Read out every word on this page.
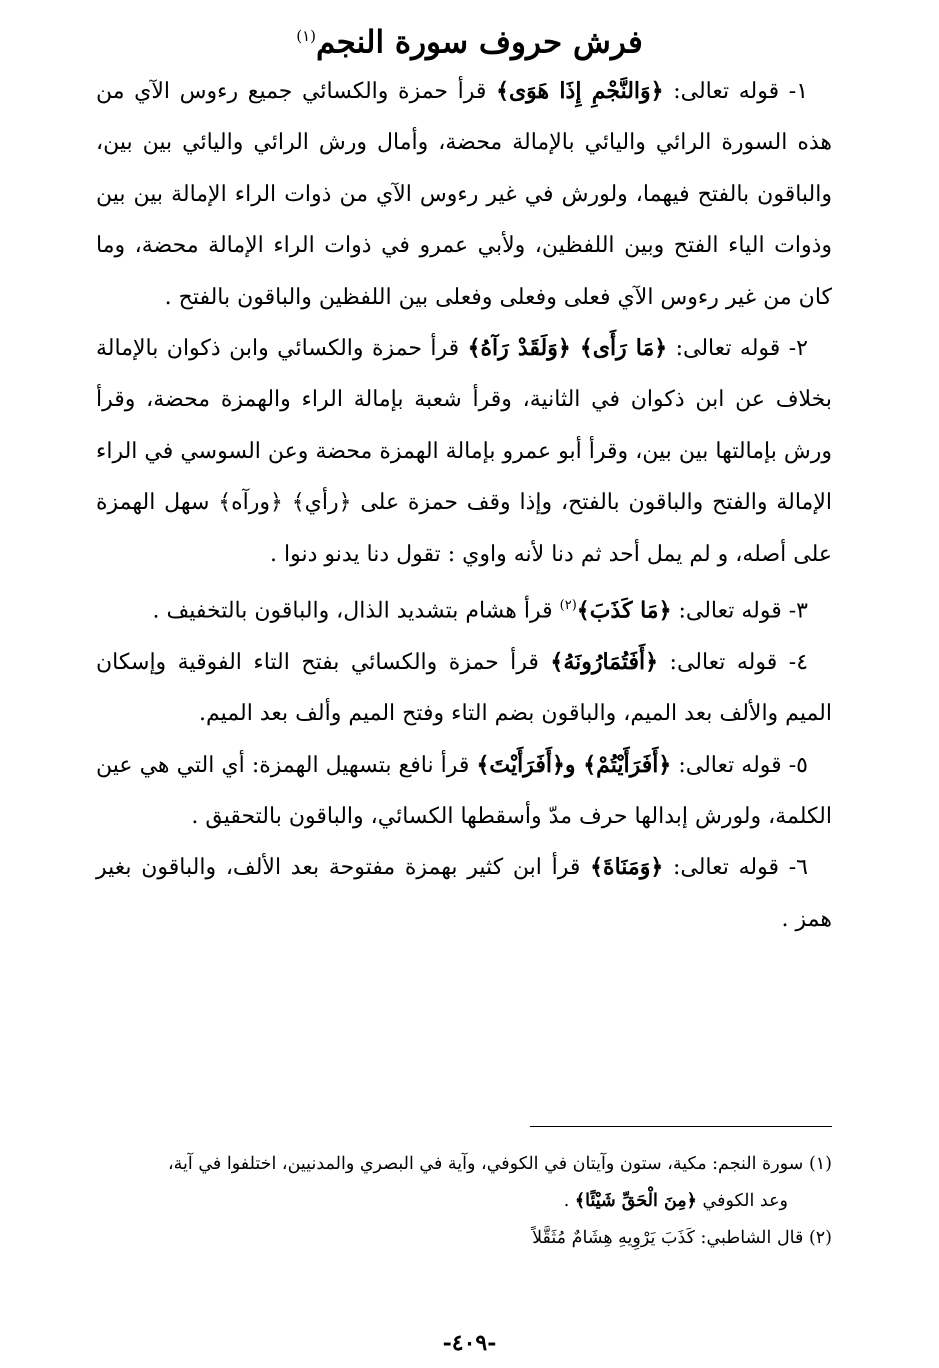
فرش حروف سورة النجم$^{(١)}$

١- قوله تعالى: ﴿وَالنَّجْمِ إِذَا هَوَى﴾ قرأ حمزة والكسائي جميع رءوس الآي من هذه السورة الرائي واليائي بالإمالة محضة، وأمال ورش الرائي واليائي بين بين، والباقون بالفتح فيهما، ولورش في غير رءوس الآي من ذوات الراء الإمالة بين بين وذوات الياء الفتح وبين اللفظين، ولأبي عمرو في ذوات الراء الإمالة محضة، وما كان من غير رءوس الآي فعلى وفعلى وفعلى بين اللفظين والباقون بالفتح .

٢- قوله تعالى: ﴿مَا رَأَى﴾ ﴿وَلَقَدْ رَآهُ﴾ قرأ حمزة والكسائي وابن ذكوان بالإمالة بخلاف عن ابن ذكوان في الثانية، وقرأ شعبة بإمالة الراء والهمزة محضة، وقرأ ورش بإمالتها بين بين، وقرأ أبو عمرو بإمالة الهمزة محضة وعن السوسي في الراء الإمالة والفتح والباقون بالفتح، وإذا وقف حمزة على ﴿رأي﴾ ﴿ورآه﴾ سهل الهمزة على أصله، و لم يمل أحد ثم دنا لأنه واوي : تقول دنا يدنو دنوا .

٣- قوله تعالى: ﴿مَا كَذَبَ﴾$^{(٢)}$ قرأ هشام بتشديد الذال، والباقون بالتخفيف .

٤- قوله تعالى: ﴿أَفَتُمَارُونَهُ﴾ قرأ حمزة والكسائي بفتح التاء الفوقية وإسكان الميم والألف بعد الميم، والباقون بضم التاء وفتح الميم وألف بعد الميم.

٥- قوله تعالى: ﴿أَفَرَأَيْتُمْ﴾ و﴿أَفَرَأَيْتَ﴾ قرأ نافع بتسهيل الهمزة: أي التي هي عين الكلمة، ولورش إبدالها حرف مدّ وأسقطها الكسائي، والباقون بالتحقيق .

٦- قوله تعالى: ﴿وَمَنَاةَ﴾ قرأ ابن كثير بهمزة مفتوحة بعد الألف، والباقون بغير همز .

(١) سورة النجم: مكية، ستون وآيتان في الكوفي، وآية في البصري والمدنيين، اختلفوا في آية،

وعد الكوفي ﴿مِنَ الْحَقِّ شَيْئًا﴾ .

(٢) قال الشاطبي: كَذَبَ يَرْوِيهِ هِشَامٌ مُثَقَّلاً

-٤٠٩-
